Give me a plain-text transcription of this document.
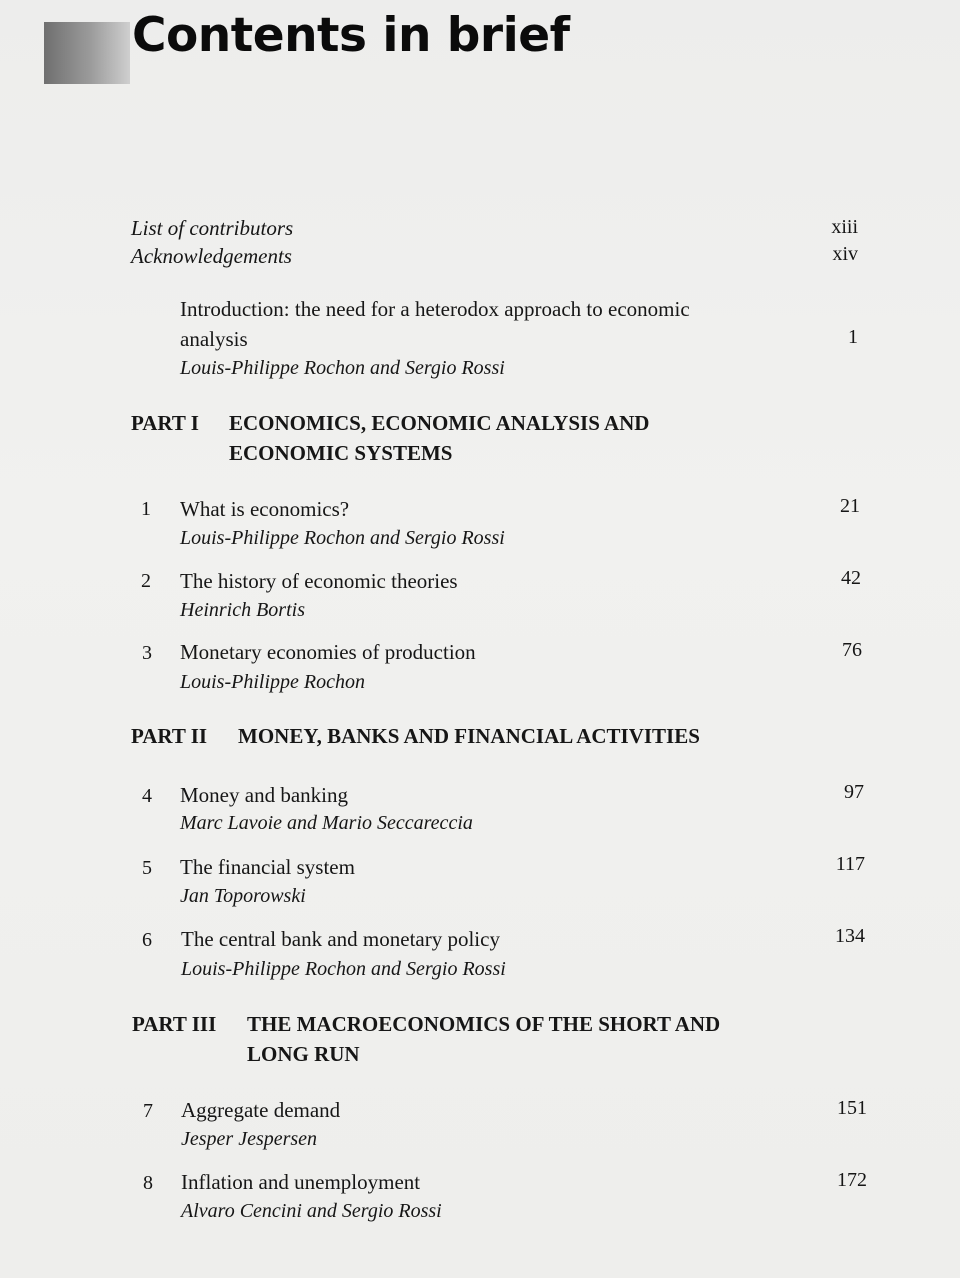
Contents in brief
List of contributors	xiii
Acknowledgements	xiv
Introduction: the need for a heterodox approach to economic
analysis
Louis-Philippe Rochon and Sergio Rossi
1
PART I ECONOMICS, ECONOMIC ANALYSIS AND
ECONOMIC SYSTEMS
1 What is economics?
Louis-Philippe Rochon and Sergio Rossi
21
2 The history of economic theories
Heinrich Bortis
42
3 Monetary economies of production
Louis-Philippe Rochon
76
PART II MONEY, BANKS AND FINANCIAL ACTIVITIES
4 Money and banking
Marc Lavoie and Mario Seccareccia
97
5 The financial system
Jan Toporowski
117
6 The central bank and monetary policy
Louis-Philippe Rochon and Sergio Rossi
134
PART III THE MACROECONOMICS OF THE SHORT AND
LONG RUN
7 Aggregate demand
Jesper Jespersen
151
8 Inflation and unemployment
Alvaro Cencini and Sergio Rossi
172
